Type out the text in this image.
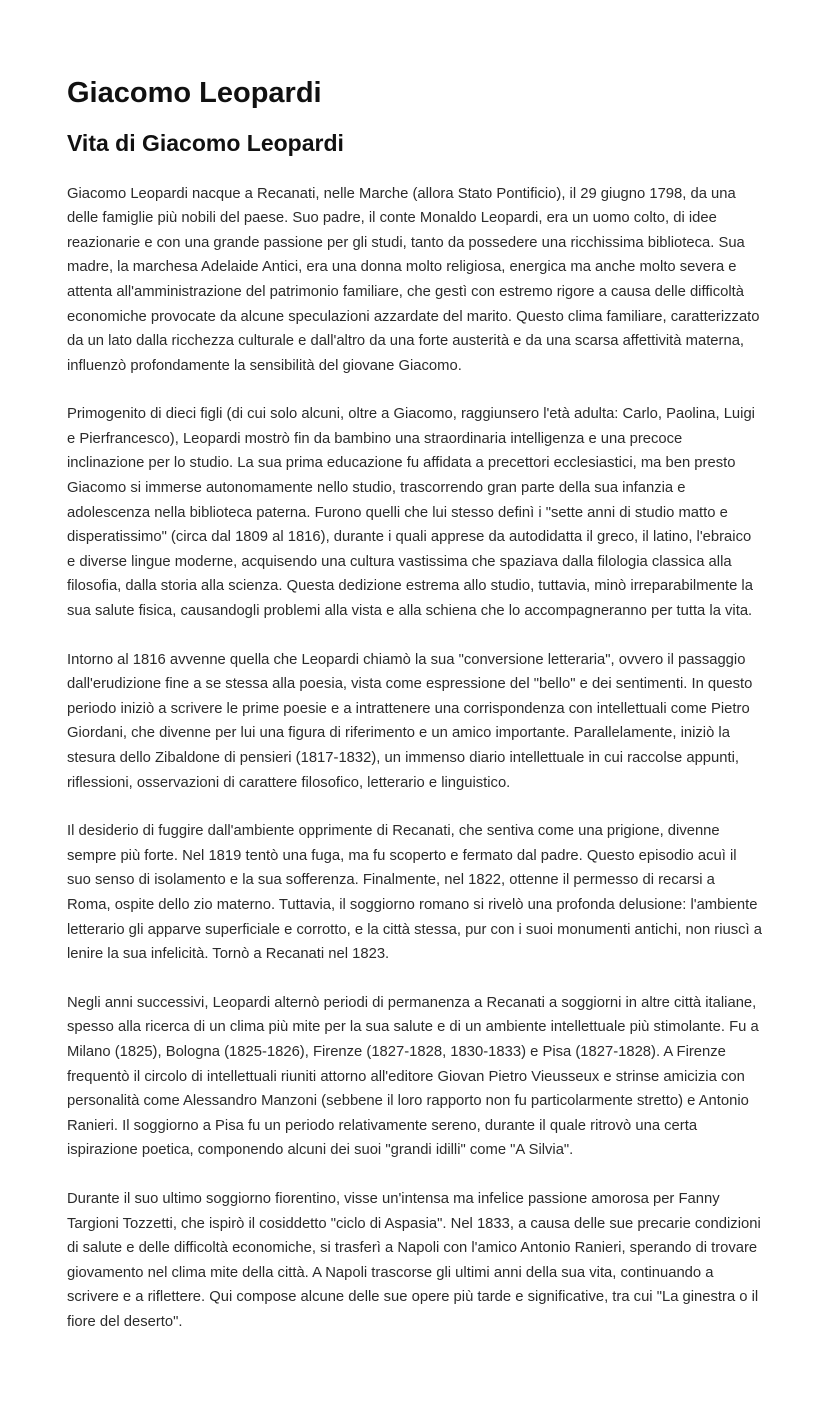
Giacomo Leopardi
Vita di Giacomo Leopardi

Giacomo Leopardi nacque a Recanati, nelle Marche (allora Stato Pontificio), il 29 giugno 1798, da una delle famiglie più nobili del paese. Suo padre, il conte Monaldo Leopardi, era un uomo colto, di idee reazionarie e con una grande passione per gli studi, tanto da possedere una ricchissima biblioteca. Sua madre, la marchesa Adelaide Antici, era una donna molto religiosa, energica ma anche molto severa e attenta all'amministrazione del patrimonio familiare, che gestì con estremo rigore a causa delle difficoltà economiche provocate da alcune speculazioni azzardate del marito. Questo clima familiare, caratterizzato da un lato dalla ricchezza culturale e dall'altro da una forte austerità e da una scarsa affettività materna, influenzò profondamente la sensibilità del giovane Giacomo.

Primogenito di dieci figli (di cui solo alcuni, oltre a Giacomo, raggiunsero l'età adulta: Carlo, Paolina, Luigi e Pierfrancesco), Leopardi mostrò fin da bambino una straordinaria intelligenza e una precoce inclinazione per lo studio. La sua prima educazione fu affidata a precettori ecclesiastici, ma ben presto Giacomo si immerse autonomamente nello studio, trascorrendo gran parte della sua infanzia e adolescenza nella biblioteca paterna. Furono quelli che lui stesso definì i "sette anni di studio matto e disperatissimo" (circa dal 1809 al 1816), durante i quali apprese da autodidatta il greco, il latino, l'ebraico e diverse lingue moderne, acquisendo una cultura vastissima che spaziava dalla filologia classica alla filosofia, dalla storia alla scienza. Questa dedizione estrema allo studio, tuttavia, minò irreparabilmente la sua salute fisica, causandogli problemi alla vista e alla schiena che lo accompagneranno per tutta la vita.

Intorno al 1816 avvenne quella che Leopardi chiamò la sua "conversione letteraria", ovvero il passaggio dall'erudizione fine a se stessa alla poesia, vista come espressione del "bello" e dei sentimenti. In questo periodo iniziò a scrivere le prime poesie e a intrattenere una corrispondenza con intellettuali come Pietro Giordani, che divenne per lui una figura di riferimento e un amico importante. Parallelamente, iniziò la stesura dello Zibaldone di pensieri (1817-1832), un immenso diario intellettuale in cui raccolse appunti, riflessioni, osservazioni di carattere filosofico, letterario e linguistico.

Il desiderio di fuggire dall'ambiente opprimente di Recanati, che sentiva come una prigione, divenne sempre più forte. Nel 1819 tentò una fuga, ma fu scoperto e fermato dal padre. Questo episodio acuì il suo senso di isolamento e la sua sofferenza. Finalmente, nel 1822, ottenne il permesso di recarsi a Roma, ospite dello zio materno. Tuttavia, il soggiorno romano si rivelò una profonda delusione: l'ambiente letterario gli apparve superficiale e corrotto, e la città stessa, pur con i suoi monumenti antichi, non riuscì a lenire la sua infelicità. Tornò a Recanati nel 1823.

Negli anni successivi, Leopardi alternò periodi di permanenza a Recanati a soggiorni in altre città italiane, spesso alla ricerca di un clima più mite per la sua salute e di un ambiente intellettuale più stimolante. Fu a Milano (1825), Bologna (1825-1826), Firenze (1827-1828, 1830-1833) e Pisa (1827-1828). A Firenze frequentò il circolo di intellettuali riuniti attorno all'editore Giovan Pietro Vieusseux e strinse amicizia con personalità come Alessandro Manzoni (sebbene il loro rapporto non fu particolarmente stretto) e Antonio Ranieri. Il soggiorno a Pisa fu un periodo relativamente sereno, durante il quale ritrovò una certa ispirazione poetica, componendo alcuni dei suoi "grandi idilli" come "A Silvia".

Durante il suo ultimo soggiorno fiorentino, visse un'intensa ma infelice passione amorosa per Fanny Targioni Tozzetti, che ispirò il cosiddetto "ciclo di Aspasia". Nel 1833, a causa delle sue precarie condizioni di salute e delle difficoltà economiche, si trasferì a Napoli con l'amico Antonio Ranieri, sperando di trovare giovamento nel clima mite della città. A Napoli trascorse gli ultimi anni della sua vita, continuando a scrivere e a riflettere. Qui compose alcune delle sue opere più tarde e significative, tra cui "La ginestra o il fiore del deserto".
